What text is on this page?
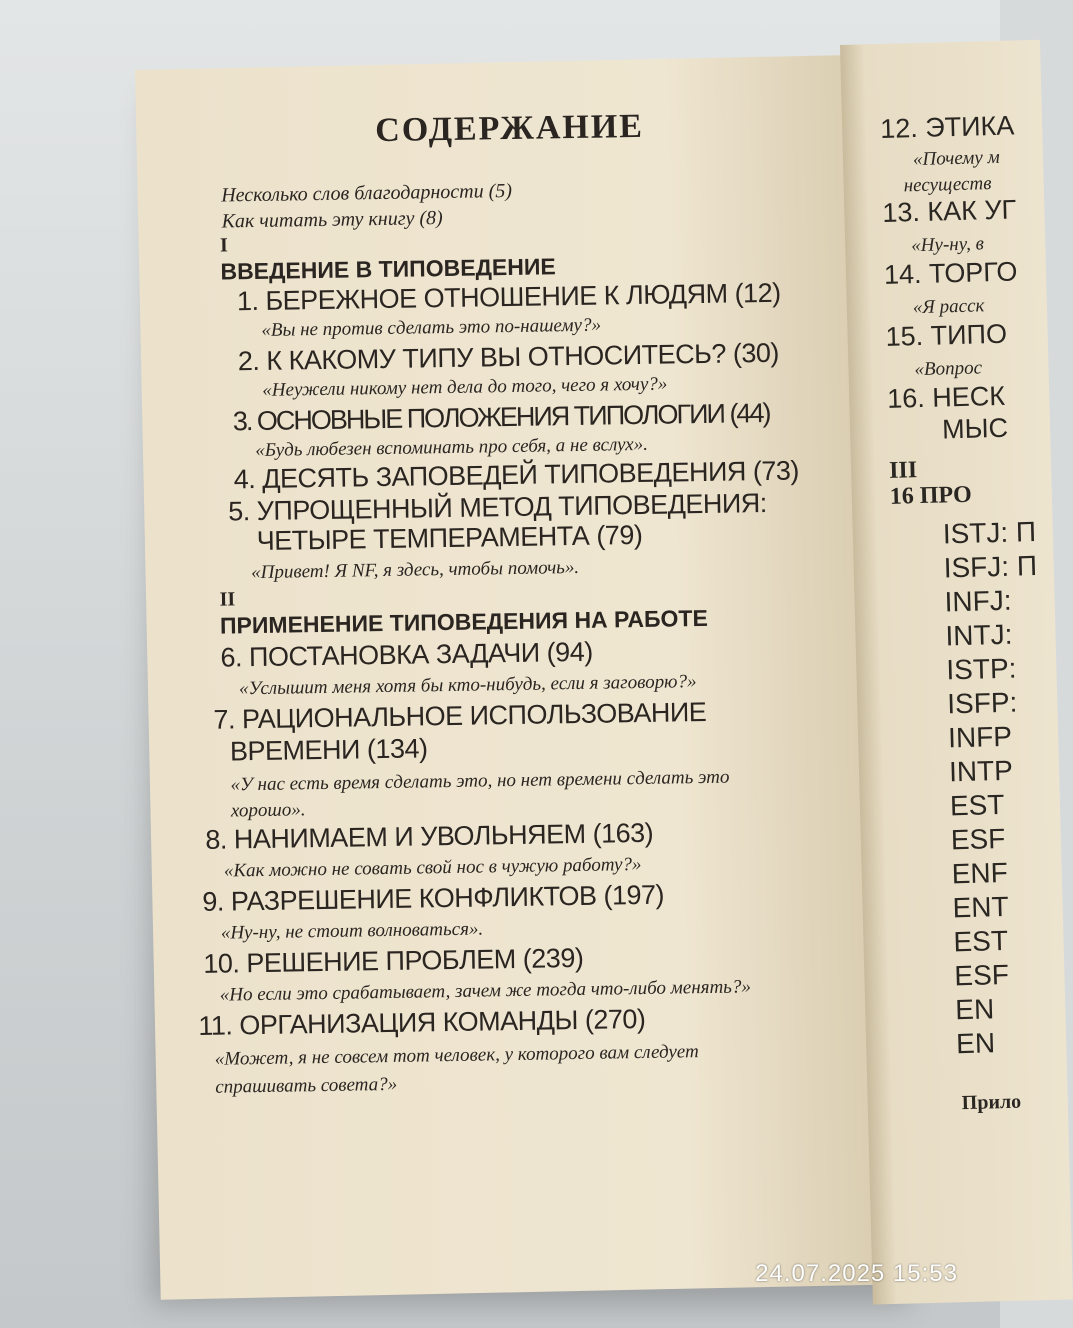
СОДЕРЖАНИЕ
Несколько слов благодарности (5)
Как читать эту книгу (8)
I
ВВЕДЕНИЕ В ТИПОВЕДЕНИЕ
1. БЕРЕЖНОЕ ОТНОШЕНИЕ К ЛЮДЯМ (12)
«Вы не против сделать это по-нашему?»
2. К КАКОМУ ТИПУ ВЫ ОТНОСИТЕСЬ? (30)
«Неужели никому нет дела до того, чего я хочу?»
3. ОСНОВНЫЕ ПОЛОЖЕНИЯ ТИПОЛОГИИ (44)
«Будь любезен вспоминать про себя, а не вслух».
4. ДЕСЯТЬ ЗАПОВЕДЕЙ ТИПОВЕДЕНИЯ (73)
5. УПРОЩЕННЫЙ МЕТОД ТИПОВЕДЕНИЯ:
ЧЕТЫРЕ ТЕМПЕРАМЕНТА (79)
«Привет! Я NF, я здесь, чтобы помочь».
II
ПРИМЕНЕНИЕ ТИПОВЕДЕНИЯ НА РАБОТЕ
6. ПОСТАНОВКА ЗАДАЧИ (94)
«Услышит меня хотя бы кто-нибудь, если я заговорю?»
7. РАЦИОНАЛЬНОЕ ИСПОЛЬЗОВАНИЕ
ВРЕМЕНИ (134)
«У нас есть время сделать это, но нет времени сделать это
хорошо».
8. НАНИМАЕМ И УВОЛЬНЯЕМ (163)
«Как можно не совать свой нос в чужую работу?»
9. РАЗРЕШЕНИЕ КОНФЛИКТОВ (197)
«Ну-ну, не стоит волноваться».
10. РЕШЕНИЕ ПРОБЛЕМ (239)
«Но если это срабатывает, зачем же тогда что-либо менять?»
11. ОРГАНИЗАЦИЯ КОМАНДЫ (270)
«Может, я не совсем тот человек, у которого вам следует
спрашивать совета?»
12. ЭТИКА
«Почему м
несуществ
13. КАК УГ
«Ну-ну, в
14. ТОРГО
«Я расск
15. ТИПО
«Вопрос
16. НЕСК
МЫС
III
16 ПРО
ISTJ: П
ISFJ: П
INFJ:
INTJ:
ISTP:
ISFP:
INFP
INTP
EST
ESF
ENF
ENT
EST
ESF
EN
EN
Прило
24.07.2025 15:53
